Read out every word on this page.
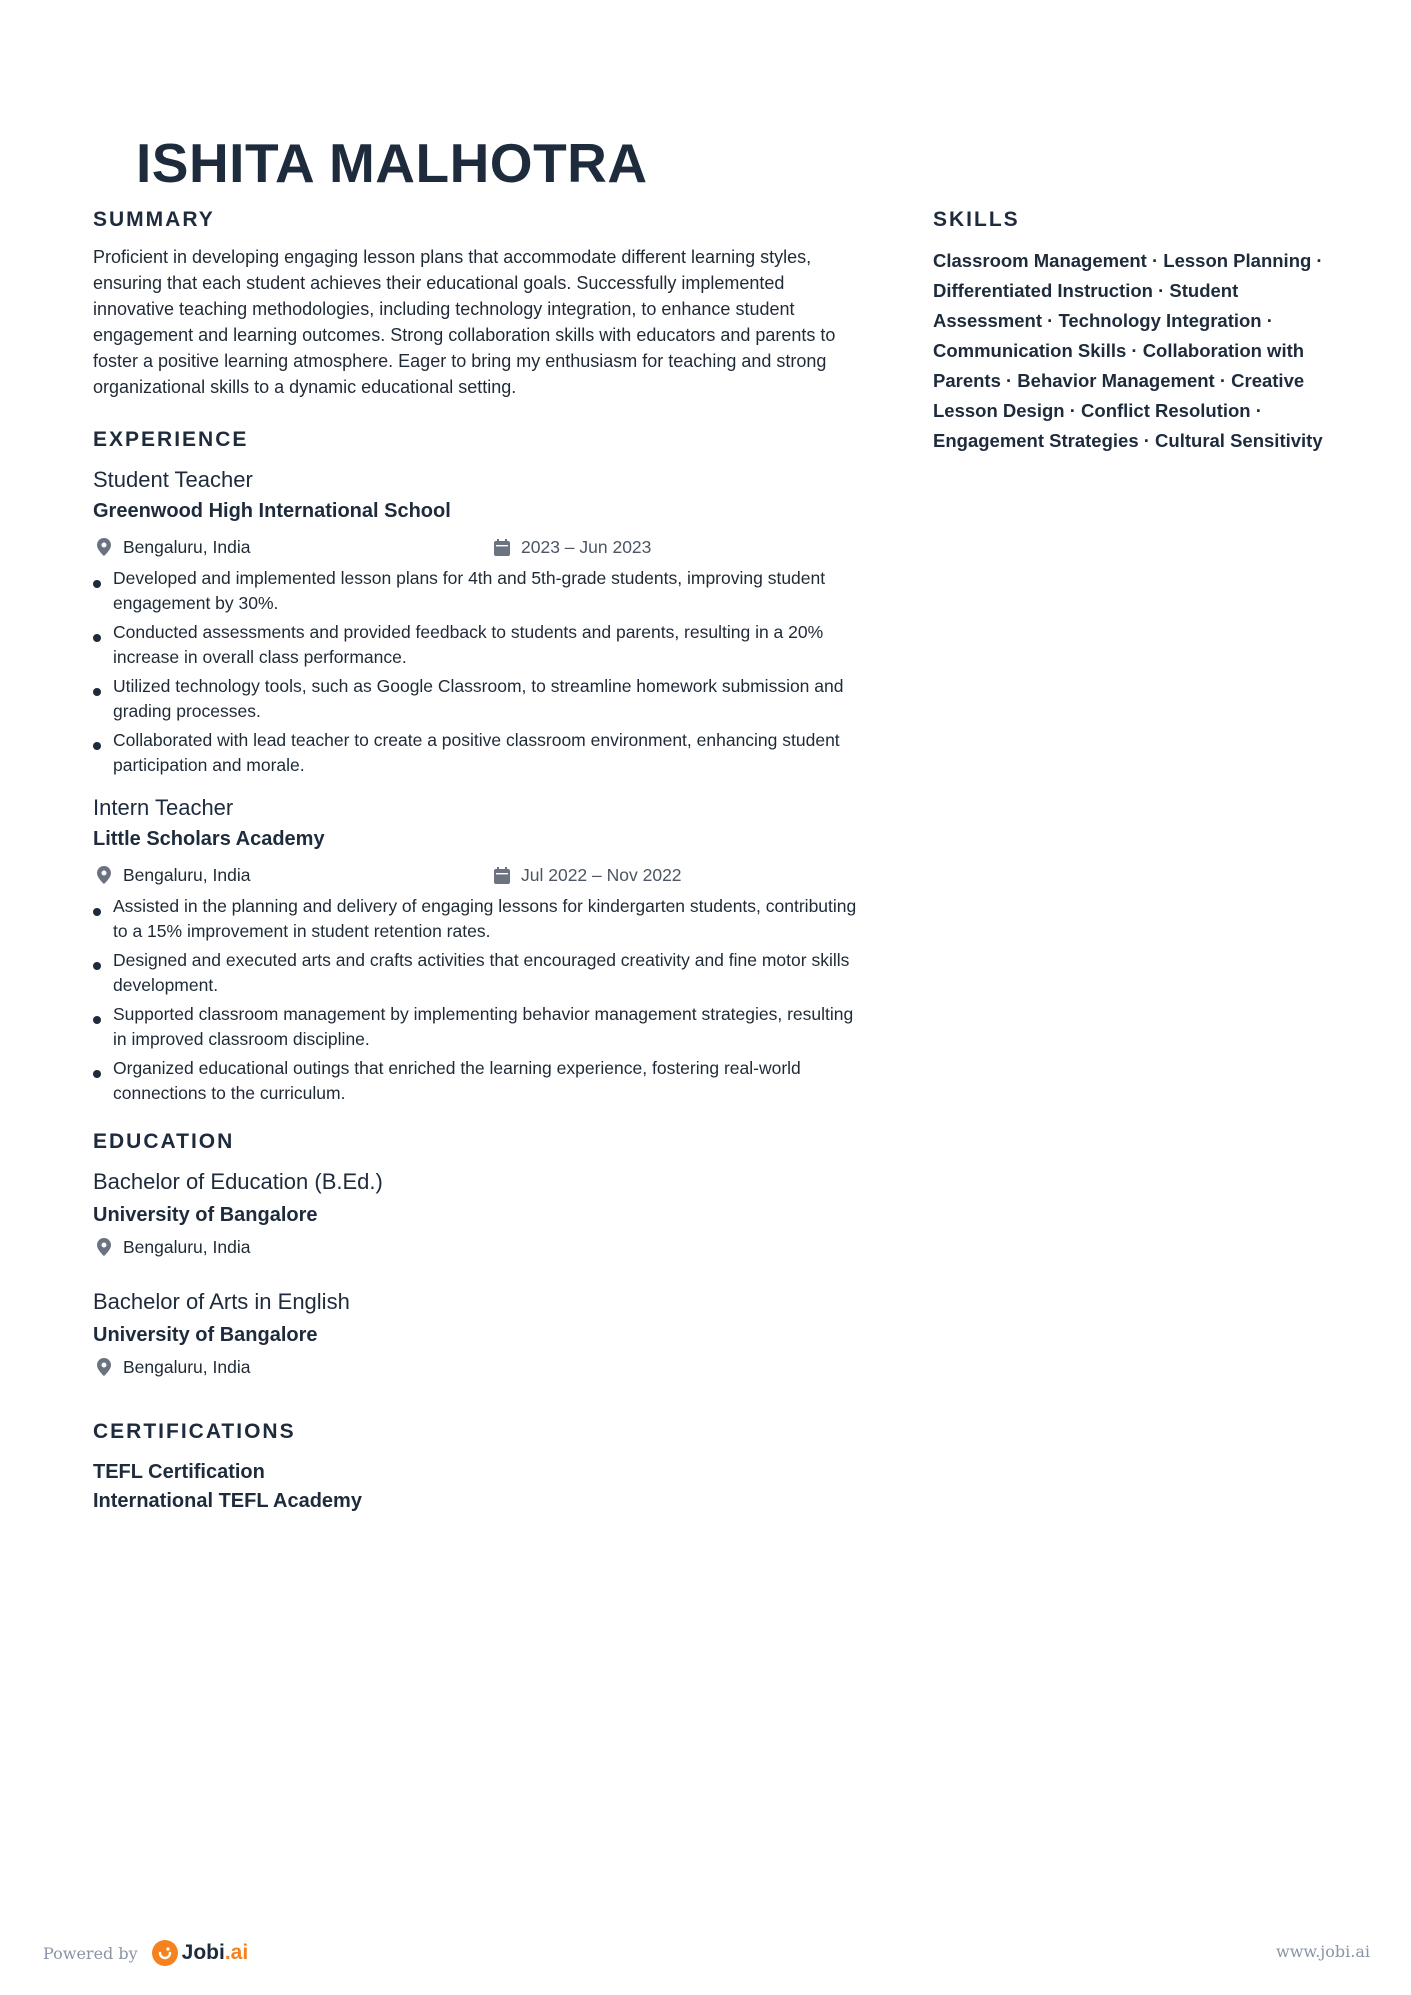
ISHITA MALHOTRA
SUMMARY

Proficient in developing engaging lesson plans that accommodate different learning styles, ensuring that each student achieves their educational goals. Successfully implemented innovative teaching methodologies, including technology integration, to enhance student engagement and learning outcomes. Strong collaboration skills with educators and parents to foster a positive learning atmosphere. Eager to bring my enthusiasm for teaching and strong organizational skills to a dynamic educational setting.

EXPERIENCE

Student Teacher

Greenwood High International School

Bengaluru, India	2023 – Jun 2023
Developed and implemented lesson plans for 4th and 5th-grade students, improving student engagement by 30%.
Conducted assessments and provided feedback to students and parents, resulting in a 20% increase in overall class performance.
Utilized technology tools, such as Google Classroom, to streamline homework submission and grading processes.
Collaborated with lead teacher to create a positive classroom environment, enhancing student participation and morale.

Intern Teacher

Little Scholars Academy

Bengaluru, India	Jul 2022 – Nov 2022
Assisted in the planning and delivery of engaging lessons for kindergarten students, contributing to a 15% improvement in student retention rates.
Designed and executed arts and crafts activities that encouraged creativity and fine motor skills development.
Supported classroom management by implementing behavior management strategies, resulting in improved classroom discipline.
Organized educational outings that enriched the learning experience, fostering real-world connections to the curriculum.
EDUCATION

Bachelor of Education (B.Ed.)

University of Bangalore

Bengaluru, India

Bachelor of Arts in English

University of Bangalore

Bengaluru, India
CERTIFICATIONS

TEFL Certification

International TEFL Academy

SKILLS

Classroom Management · Lesson Planning · Differentiated Instruction · Student Assessment · Technology Integration · Communication Skills · Collaboration with Parents · Behavior Management · Creative Lesson Design · Conflict Resolution · Engagement Strategies · Cultural Sensitivity

Powered by Jobi.ai	www.jobi.ai
